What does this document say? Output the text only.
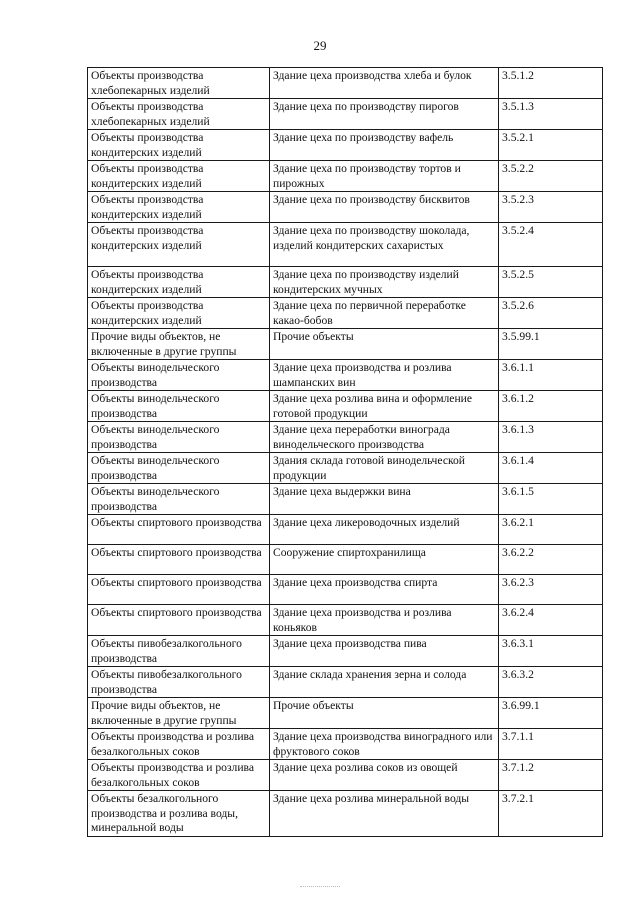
29
Объекты производства хлебопекарных изделий	Здание цеха производства хлеба и булок	3.5.1.2
Объекты производства хлебопекарных изделий	Здание цеха по производству пирогов	3.5.1.3
Объекты производства кондитерских изделий	Здание цеха по производству вафель	3.5.2.1
Объекты производства кондитерских изделий	Здание цеха по производству тортов и пирожных	3.5.2.2
Объекты производства кондитерских изделий	Здание цеха по производству бисквитов	3.5.2.3
Объекты производства кондитерских изделий	Здание цеха по производству шоколада, изделий кондитерских сахаристых	3.5.2.4
Объекты производства кондитерских изделий	Здание цеха по производству изделий кондитерских мучных	3.5.2.5
Объекты производства кондитерских изделий	Здание цеха по первичной переработке какао-бобов	3.5.2.6
Прочие виды объектов, не включенные в другие группы	Прочие объекты	3.5.99.1
Объекты винодельческого производства	Здание цеха производства и розлива шампанских вин	3.6.1.1
Объекты винодельческого производства	Здание цеха розлива вина и оформление готовой продукции	3.6.1.2
Объекты винодельческого производства	Здание цеха переработки винограда винодельческого производства	3.6.1.3
Объекты винодельческого производства	Здания склада готовой винодельческой продукции	3.6.1.4
Объекты винодельческого производства	Здание цеха выдержки вина	3.6.1.5
Объекты спиртового производства	Здание цеха ликероводочных изделий	3.6.2.1
Объекты спиртового производства	Сооружение спиртохранилища	3.6.2.2
Объекты спиртового производства	Здание цеха производства спирта	3.6.2.3
Объекты спиртового производства	Здание цеха производства и розлива коньяков	3.6.2.4
Объекты пивобезалкогольного производства	Здание цеха производства пива	3.6.3.1
Объекты пивобезалкогольного производства	Здание склада хранения зерна и солода	3.6.3.2
Прочие виды объектов, не включенные в другие группы	Прочие объекты	3.6.99.1
Объекты производства и розлива безалкогольных соков	Здание цеха производства виноградного или фруктового соков	3.7.1.1
Объекты производства и розлива безалкогольных соков	Здание цеха розлива соков из овощей	3.7.1.2
Объекты безалкогольного производства и розлива воды, минеральной воды	Здание цеха розлива минеральной воды	3.7.2.1
